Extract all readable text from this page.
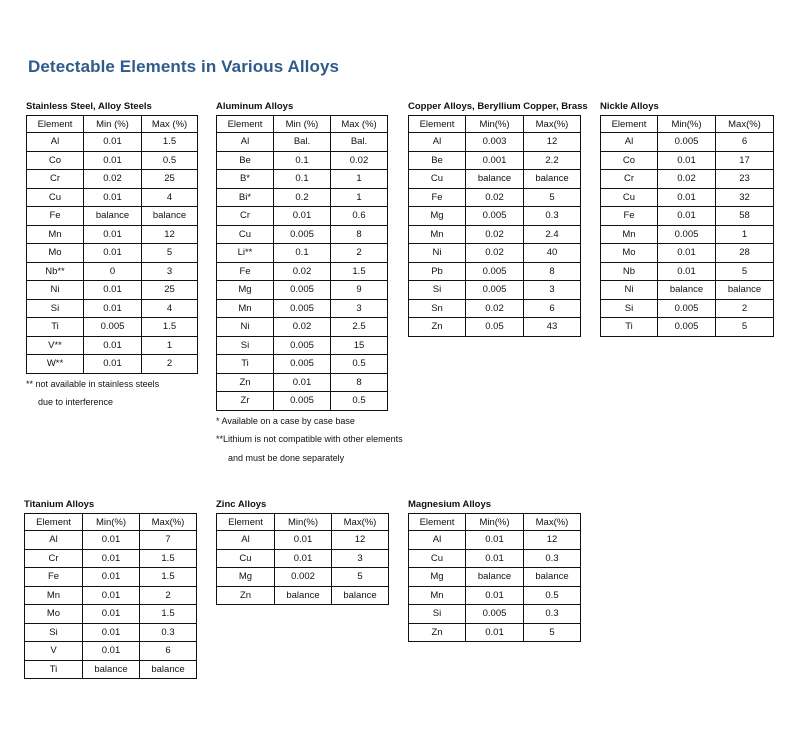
Detectable Elements in Various Alloys
Stainless Steel, Alloy Steels
Element	Min (%)	Max (%)
Al	0.01	1.5
Co	0.01	0.5
Cr	0.02	25
Cu	0.01	4
Fe	balance	balance
Mn	0.01	12
Mo	0.01	5
Nb**	0	3
Ni	0.01	25
Si	0.01	4
Ti	0.005	1.5
V**	0.01	1
W**	0.01	2

** not available in stainless steels

due to interference

Aluminum Alloys
Element	Min (%)	Max (%)
Al	Bal.	Bal.
Be	0.1	0.02
B*	0.1	1
Bi*	0.2	1
Cr	0.01	0.6
Cu	0.005	8
Li**	0.1	2
Fe	0.02	1.5
Mg	0.005	9
Mn	0.005	3
Ni	0.02	2.5
Si	0.005	15
Ti	0.005	0.5
Zn	0.01	8
Zr	0.005	0.5

* Available on a case by case base

**Lithium is not compatible with other elements

and must be done separately

Copper Alloys, Beryllium Copper, Brass
Element	Min(%)	Max(%)
Al	0.003	12
Be	0.001	2.2
Cu	balance	balance
Fe	0.02	5
Mg	0.005	0.3
Mn	0.02	2.4
Ni	0.02	40
Pb	0.005	8
Si	0.005	3
Sn	0.02	6
Zn	0.05	43
Nickle Alloys
Element	Min(%)	Max(%)
Al	0.005	6
Co	0.01	17
Cr	0.02	23
Cu	0.01	32
Fe	0.01	58
Mn	0.005	1
Mo	0.01	28
Nb	0.01	5
Ni	balance	balance
Si	0.005	2
Ti	0.005	5
Titanium Alloys
Element	Min(%)	Max(%)
Al	0.01	7
Cr	0.01	1.5
Fe	0.01	1.5
Mn	0.01	2
Mo	0.01	1.5
Si	0.01	0.3
V	0.01	6
Ti	balance	balance
Zinc Alloys
Element	Min(%)	Max(%)
Al	0.01	12
Cu	0.01	3
Mg	0.002	5
Zn	balance	balance
Magnesium Alloys
Element	Min(%)	Max(%)
Al	0.01	12
Cu	0.01	0.3
Mg	balance	balance
Mn	0.01	0.5
Si	0.005	0.3
Zn	0.01	5
